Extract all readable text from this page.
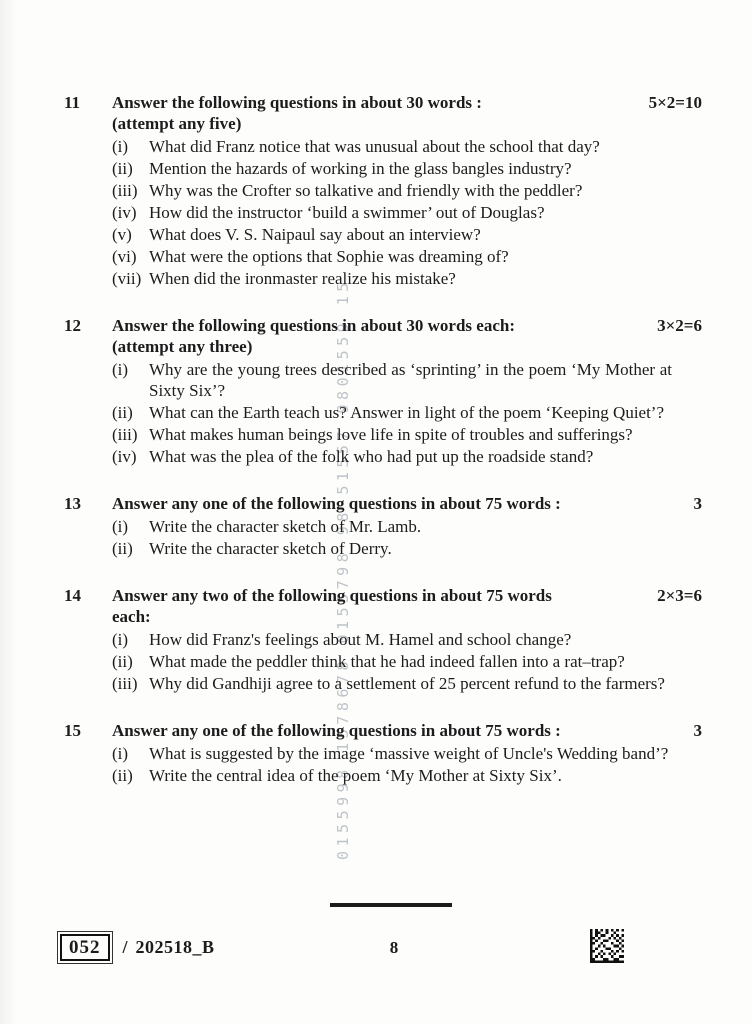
0155998 1578678 0155798 98 51557 9801559 15
11	Answer the following questions in about 30 words :	5×2=10
(attempt any five)
(i)	What did Franz notice that was unusual about the school that day?
(ii) Mention the hazards of working in the glass bangles industry?
(iii) Why was the Crofter so talkative and friendly with the peddler?
(iv) How did the instructor ‘build a swimmer’ out of Douglas?
(v)	What does V. S. Naipaul say about an interview?
(vi) What were the options that Sophie was dreaming of?
(vii) When did the ironmaster realize his mistake?
12	Answer the following questions in about 30 words each:	3×2=6
(attempt any three)
(i)	Why are the young trees described as ‘sprinting’ in the poem ‘My Mother at Sixty Six’?
(ii) What can the Earth teach us? Answer in light of the poem ‘Keeping Quiet’?
(iii) What makes human beings love life in spite of troubles and sufferings?
(iv) What was the plea of the folk who had put up the roadside stand?
13	Answer any one of the following questions in about 75 words :	3
(i)	Write the character sketch of Mr. Lamb.
(ii) Write the character sketch of Derry.
14	Answer any two of the following questions in about 75 words	2×3=6
each:
(i)	How did Franz's feelings about M. Hamel and school change?
(ii) What made the peddler think that he had indeed fallen into a rat–trap?
(iii) Why did Gandhiji agree to a settlement of 25 percent refund to the farmers?
15	Answer any one of the following questions in about 75 words :	3
(i)	What is suggested by the image ‘massive weight of Uncle's Wedding band’?
(ii) Write the central idea of the poem ‘My Mother at Sixty Six’.
052	/ 202518_B	8
